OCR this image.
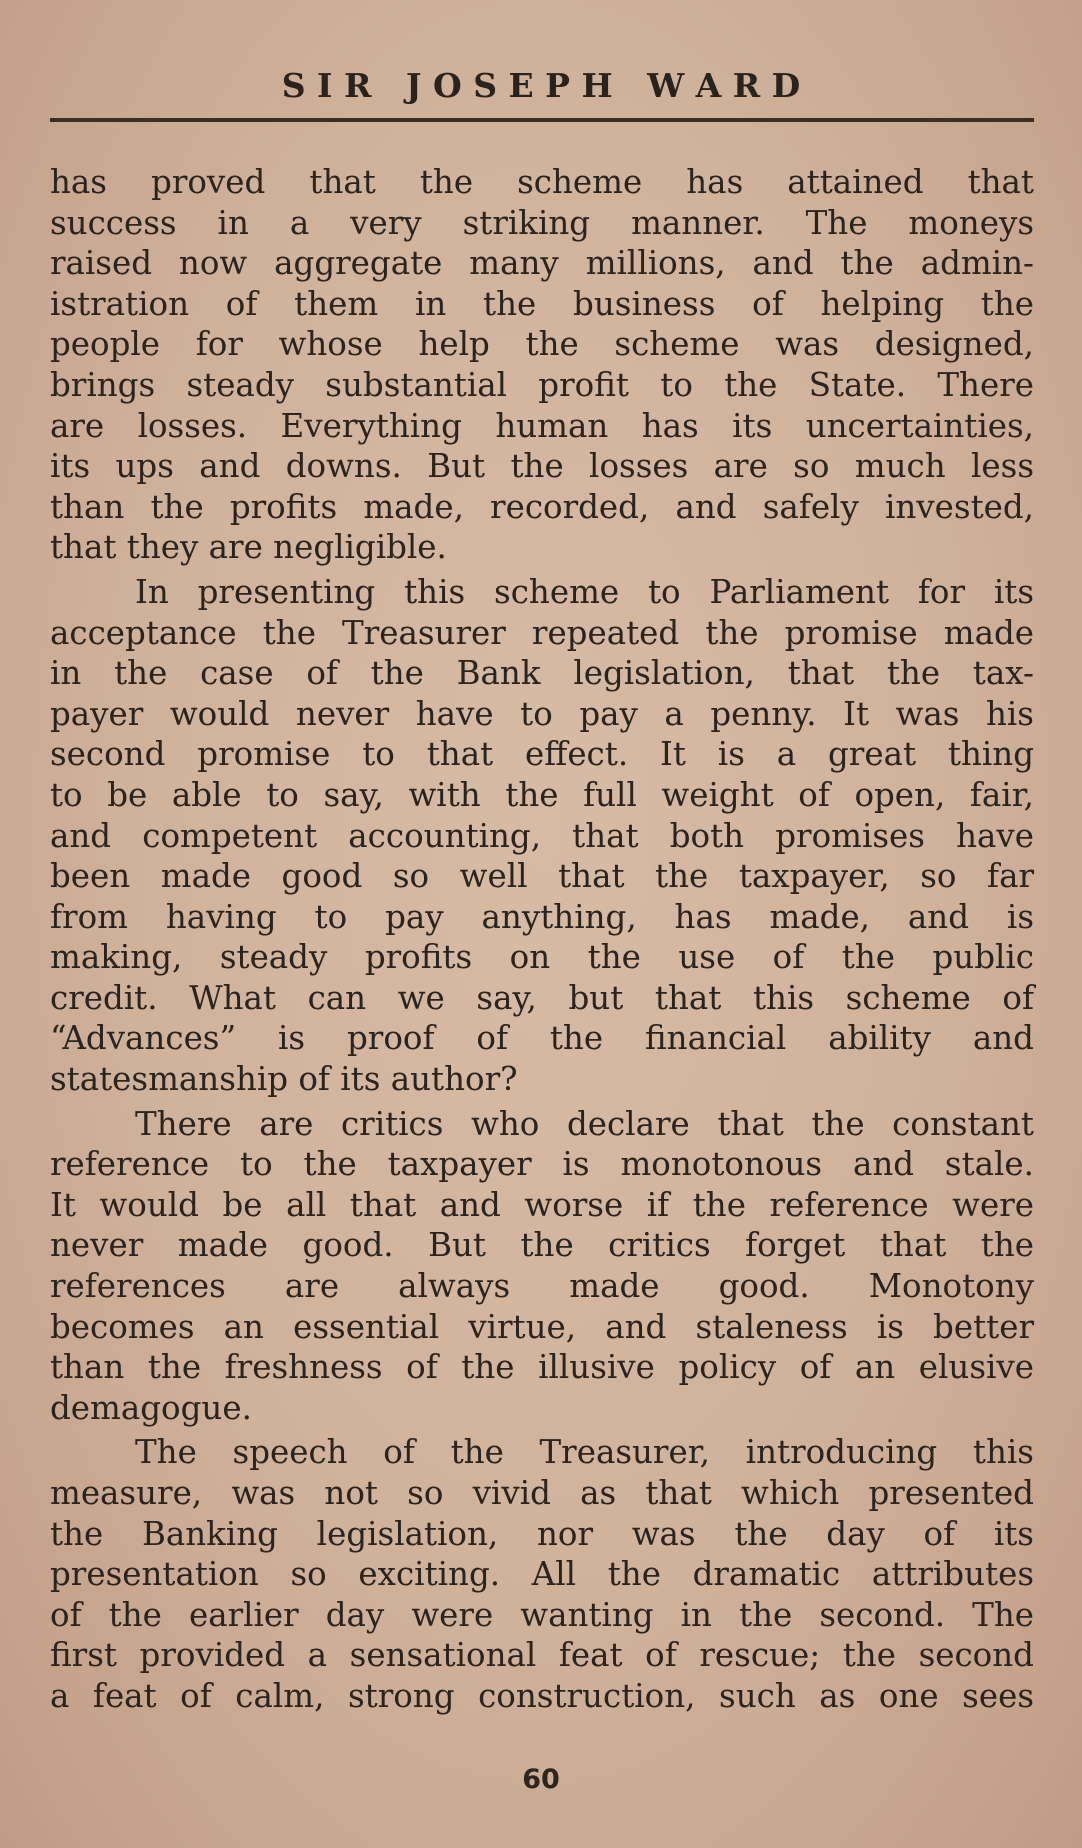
S I R   J O S E P H   W A R D
has proved that the scheme has attained that
success in a very striking manner. The moneys
raised now aggregate many millions, and the admin-
istration of them in the business of helping the
people for whose help the scheme was designed,
brings steady substantial profit to the State. There
are losses. Everything human has its uncertainties,
its ups and downs. But the losses are so much less
than the profits made, recorded, and safely invested,
that they are negligible.
In presenting this scheme to Parliament for its
acceptance the Treasurer repeated the promise made
in the case of the Bank legislation, that the tax-
payer would never have to pay a penny. It was his
second promise to that effect. It is a great thing
to be able to say, with the full weight of open, fair,
and competent accounting, that both promises have
been made good so well that the taxpayer, so far
from having to pay anything, has made, and is
making, steady profits on the use of the public
credit. What can we say, but that this scheme of
“Advances” is proof of the financial ability and
statesmanship of its author?
There are critics who declare that the constant
reference to the taxpayer is monotonous and stale.
It would be all that and worse if the reference were
never made good. But the critics forget that the
references are always made good. Monotony
becomes an essential virtue, and staleness is better
than the freshness of the illusive policy of an elusive
demagogue.
The speech of the Treasurer, introducing this
measure, was not so vivid as that which presented
the Banking legislation, nor was the day of its
presentation so exciting. All the dramatic attributes
of the earlier day were wanting in the second. The
first provided a sensational feat of rescue; the second
a feat of calm, strong construction, such as one sees
60
